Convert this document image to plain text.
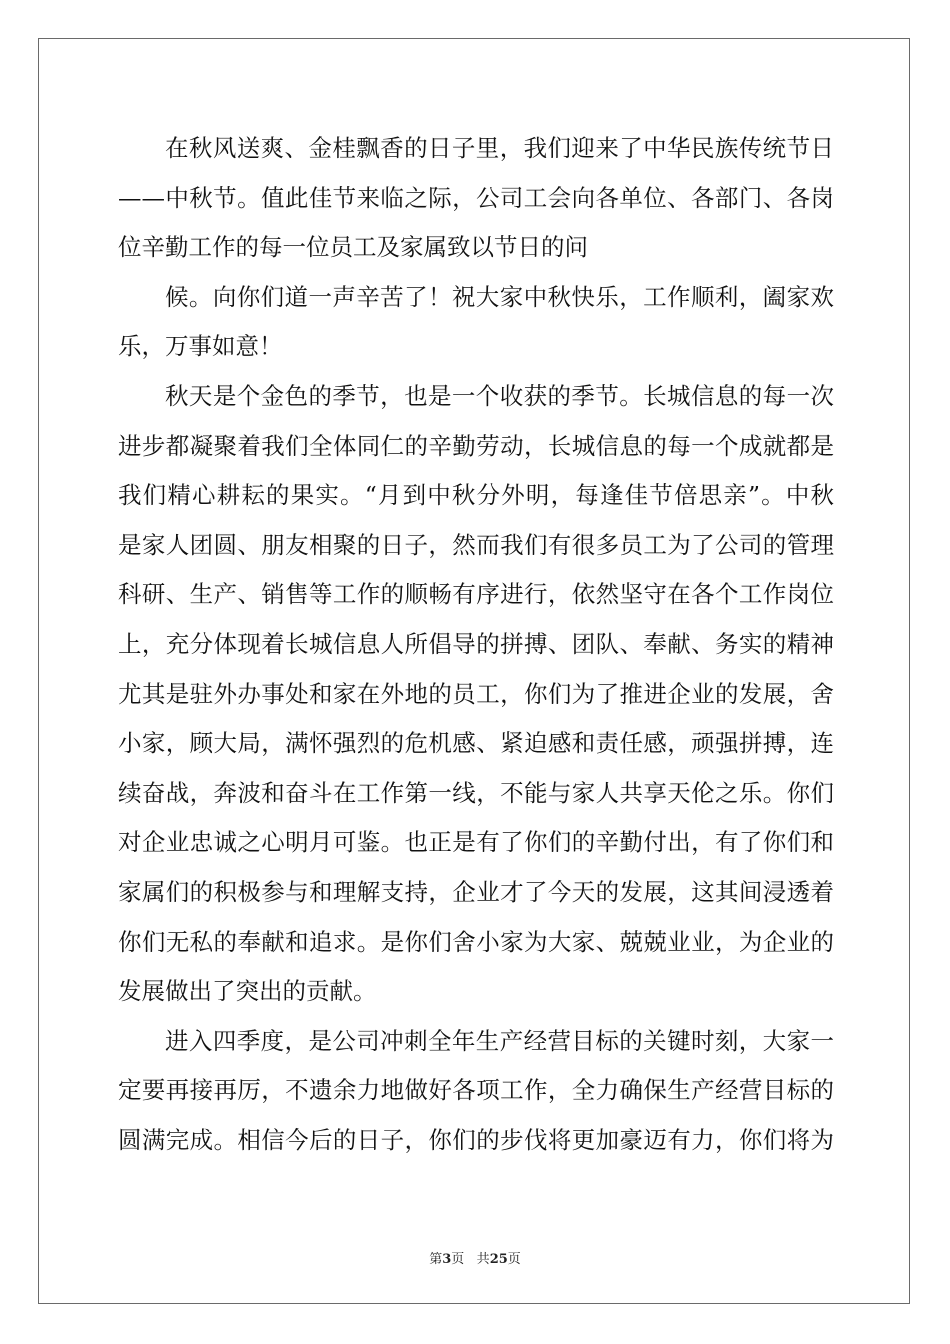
在秋风送爽、金桂飘香的日子里，我们迎来了中华民族传统节日
——中秋节。值此佳节来临之际，公司工会向各单位、各部门、各岗
位辛勤工作的每一位员工及家属致以节日的问
候。向你们道一声辛苦了！祝大家中秋快乐，工作顺利，阖家欢
乐，万事如意！
秋天是个金色的季节，也是一个收获的季节。长城信息的每一次
进步都凝聚着我们全体同仁的辛勤劳动，长城信息的每一个成就都是
我们精心耕耘的果实。“月到中秋分外明，每逢佳节倍思亲”。中秋
是家人团圆、朋友相聚的日子，然而我们有很多员工为了公司的管理
科研、生产、销售等工作的顺畅有序进行，依然坚守在各个工作岗位
上，充分体现着长城信息人所倡导的拼搏、团队、奉献、务实的精神
尤其是驻外办事处和家在外地的员工，你们为了推进企业的发展，舍
小家，顾大局，满怀强烈的危机感、紧迫感和责任感，顽强拼搏，连
续奋战，奔波和奋斗在工作第一线，不能与家人共享天伦之乐。你们
对企业忠诚之心明月可鉴。也正是有了你们的辛勤付出，有了你们和
家属们的积极参与和理解支持，企业才了今天的发展，这其间浸透着
你们无私的奉献和追求。是你们舍小家为大家、兢兢业业，为企业的
发展做出了突出的贡献。
进入四季度，是公司冲刺全年生产经营目标的关键时刻，大家一
定要再接再厉，不遗余力地做好各项工作，全力确保生产经营目标的
圆满完成。相信今后的日子，你们的步伐将更加豪迈有力，你们将为
第3页 共25页
